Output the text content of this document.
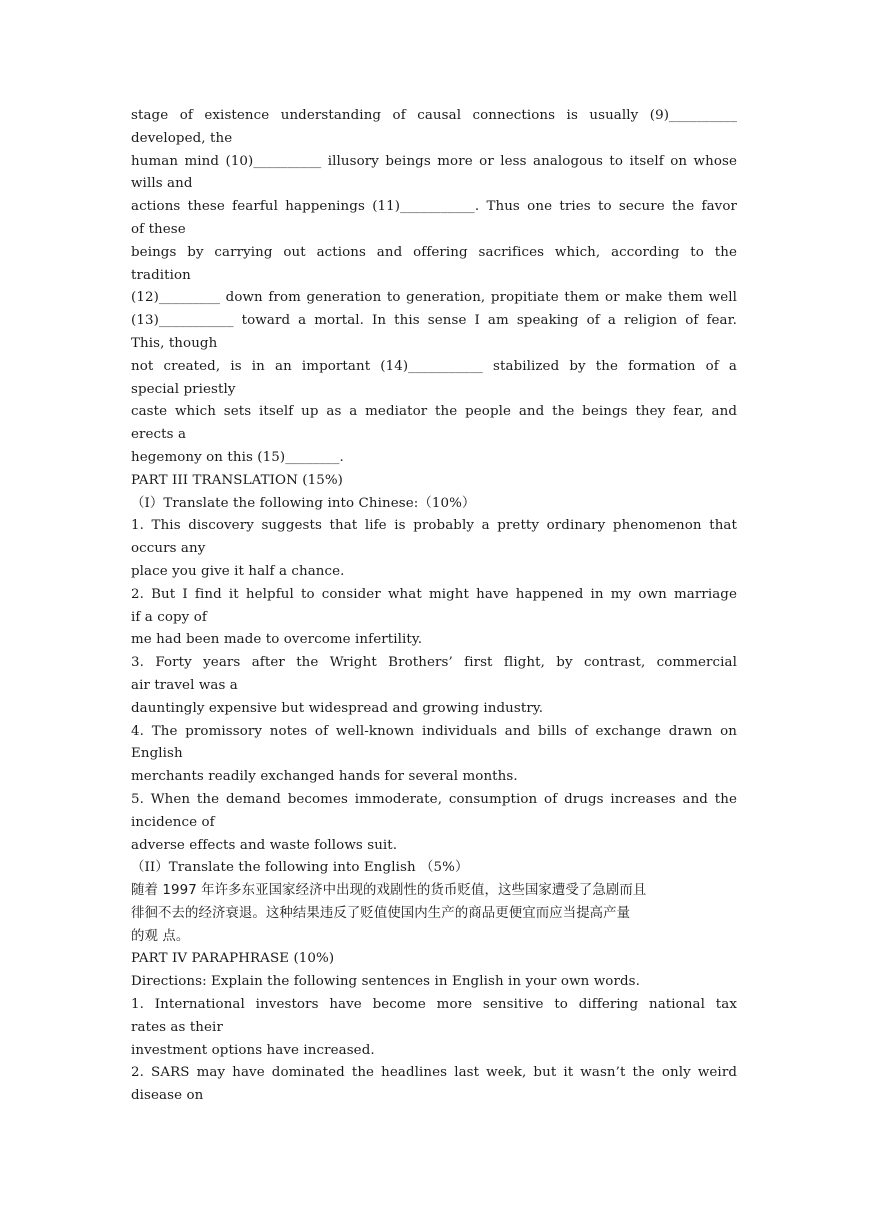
stage of existence understanding of causal connections is usually (9)__________
developed, the
human mind (10)__________ illusory beings more or less analogous to itself on whose
wills and
actions these fearful happenings (11)___________. Thus one tries to secure the favor
of these
beings by carrying out actions and offering sacrifices which, according to the
tradition
(12)_________ down from generation to generation, propitiate them or make them well
(13)___________ toward a mortal. In this sense I am speaking of a religion of fear.
This, though
not created, is in an important (14)___________ stabilized by the formation of a
special priestly
caste which sets itself up as a mediator the people and the beings they fear, and
erects a
hegemony on this (15)________.
PART III TRANSLATION (15%)
（I）Translate the following into Chinese:（10%）
1. This discovery suggests that life is probably a pretty ordinary phenomenon that
occurs any
place you give it half a chance.
2. But I find it helpful to consider what might have happened in my own marriage
if a copy of
me had been made to overcome infertility.
3. Forty years after the Wright Brothers’ first flight, by contrast, commercial
air travel was a
dauntingly expensive but widespread and growing industry.
4. The promissory notes of well-known individuals and bills of exchange drawn on
English
merchants readily exchanged hands for several months.
5. When the demand becomes immoderate, consumption of drugs increases and the
incidence of
adverse effects and waste follows suit.
（II）Translate the following into English （5%）
随着 1997 年许多东亚国家经济中出现的戏剧性的货币贬值，这些国家遭受了急剧而且
徘徊不去的经济衰退。这种结果违反了贬值使国内生产的商品更便宜而应当提高产量
的观 点。
PART IV PARAPHRASE (10%)
Directions: Explain the following sentences in English in your own words.
1. International investors have become more sensitive to differing national tax
rates as their
investment options have increased.
2. SARS may have dominated the headlines last week, but it wasn’t the only weird
disease on
